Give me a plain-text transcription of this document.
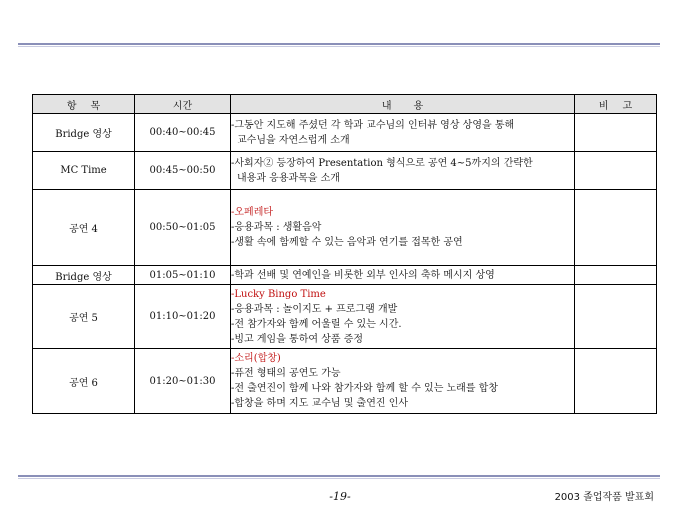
항목	시간	내용	비고
Bridge 영상	00:40~00:45	-그동안 지도해 주셨던 각 학과 교수님의 인터뷰 영상 상영을 통해
교수님을 자연스럽게 소개	

MC Time	00:45~00:50	-사회자② 등장하여 Presentation 형식으로 공연 4~5까지의 간략한
내용과 응용과목을 소개	

공연 4	00:50~01:05	-오페레타
-응용과목 : 생활음악
-생활 속에 함께할 수 있는 음악과 연기를 접목한 공연	

Bridge 영상	01:05~01:10	-학과 선배 및 연예인을 비롯한 외부 인사의 축하 메시지 상영	

공연 5	01:10~01:20	-Lucky Bingo Time
-응용과목 : 놀이지도 + 프로그램 개발
-전 참가자와 함께 어울릴 수 있는 시간.
-빙고 게임을 통하여 상품 증정	

공연 6	01:20~01:30	-소리(합창)
-퓨전 형태의 공연도 가능
-전 출연진이 함께 나와 참가자와 함께 할 수 있는 노래를 합창
-합창을 하며 지도 교수님 및 출연진 인사	

-19-	2003 졸업작품 발표회
